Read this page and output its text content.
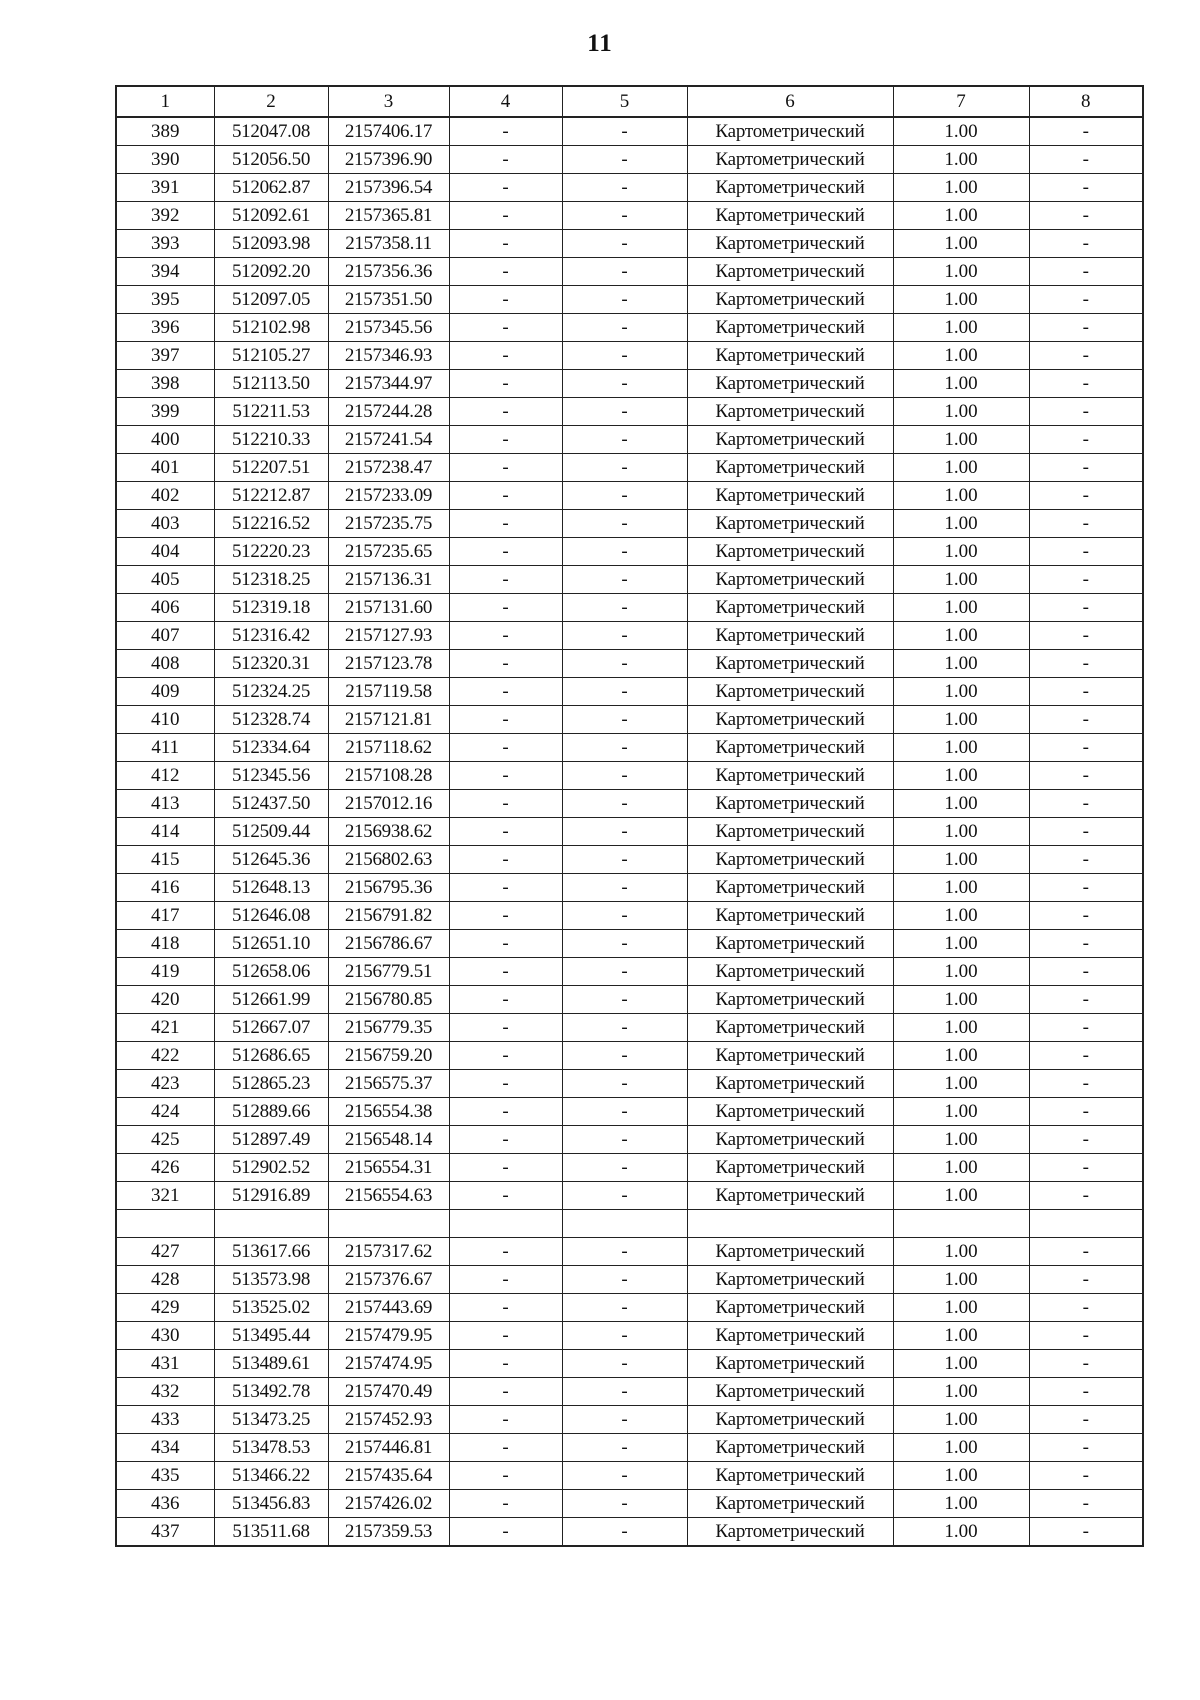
11
1	2	3	4	5	6	7	8
389	512047.08	2157406.17	-	-	Картометрический	1.00	-
390	512056.50	2157396.90	-	-	Картометрический	1.00	-
391	512062.87	2157396.54	-	-	Картометрический	1.00	-
392	512092.61	2157365.81	-	-	Картометрический	1.00	-
393	512093.98	2157358.11	-	-	Картометрический	1.00	-
394	512092.20	2157356.36	-	-	Картометрический	1.00	-
395	512097.05	2157351.50	-	-	Картометрический	1.00	-
396	512102.98	2157345.56	-	-	Картометрический	1.00	-
397	512105.27	2157346.93	-	-	Картометрический	1.00	-
398	512113.50	2157344.97	-	-	Картометрический	1.00	-
399	512211.53	2157244.28	-	-	Картометрический	1.00	-
400	512210.33	2157241.54	-	-	Картометрический	1.00	-
401	512207.51	2157238.47	-	-	Картометрический	1.00	-
402	512212.87	2157233.09	-	-	Картометрический	1.00	-
403	512216.52	2157235.75	-	-	Картометрический	1.00	-
404	512220.23	2157235.65	-	-	Картометрический	1.00	-
405	512318.25	2157136.31	-	-	Картометрический	1.00	-
406	512319.18	2157131.60	-	-	Картометрический	1.00	-
407	512316.42	2157127.93	-	-	Картометрический	1.00	-
408	512320.31	2157123.78	-	-	Картометрический	1.00	-
409	512324.25	2157119.58	-	-	Картометрический	1.00	-
410	512328.74	2157121.81	-	-	Картометрический	1.00	-
411	512334.64	2157118.62	-	-	Картометрический	1.00	-
412	512345.56	2157108.28	-	-	Картометрический	1.00	-
413	512437.50	2157012.16	-	-	Картометрический	1.00	-
414	512509.44	2156938.62	-	-	Картометрический	1.00	-
415	512645.36	2156802.63	-	-	Картометрический	1.00	-
416	512648.13	2156795.36	-	-	Картометрический	1.00	-
417	512646.08	2156791.82	-	-	Картометрический	1.00	-
418	512651.10	2156786.67	-	-	Картометрический	1.00	-
419	512658.06	2156779.51	-	-	Картометрический	1.00	-
420	512661.99	2156780.85	-	-	Картометрический	1.00	-
421	512667.07	2156779.35	-	-	Картометрический	1.00	-
422	512686.65	2156759.20	-	-	Картометрический	1.00	-
423	512865.23	2156575.37	-	-	Картометрический	1.00	-
424	512889.66	2156554.38	-	-	Картометрический	1.00	-
425	512897.49	2156548.14	-	-	Картометрический	1.00	-
426	512902.52	2156554.31	-	-	Картометрический	1.00	-
321	512916.89	2156554.63	-	-	Картометрический	1.00	-

427	513617.66	2157317.62	-	-	Картометрический	1.00	-
428	513573.98	2157376.67	-	-	Картометрический	1.00	-
429	513525.02	2157443.69	-	-	Картометрический	1.00	-
430	513495.44	2157479.95	-	-	Картометрический	1.00	-
431	513489.61	2157474.95	-	-	Картометрический	1.00	-
432	513492.78	2157470.49	-	-	Картометрический	1.00	-
433	513473.25	2157452.93	-	-	Картометрический	1.00	-
434	513478.53	2157446.81	-	-	Картометрический	1.00	-
435	513466.22	2157435.64	-	-	Картометрический	1.00	-
436	513456.83	2157426.02	-	-	Картометрический	1.00	-
437	513511.68	2157359.53	-	-	Картометрический	1.00	-
